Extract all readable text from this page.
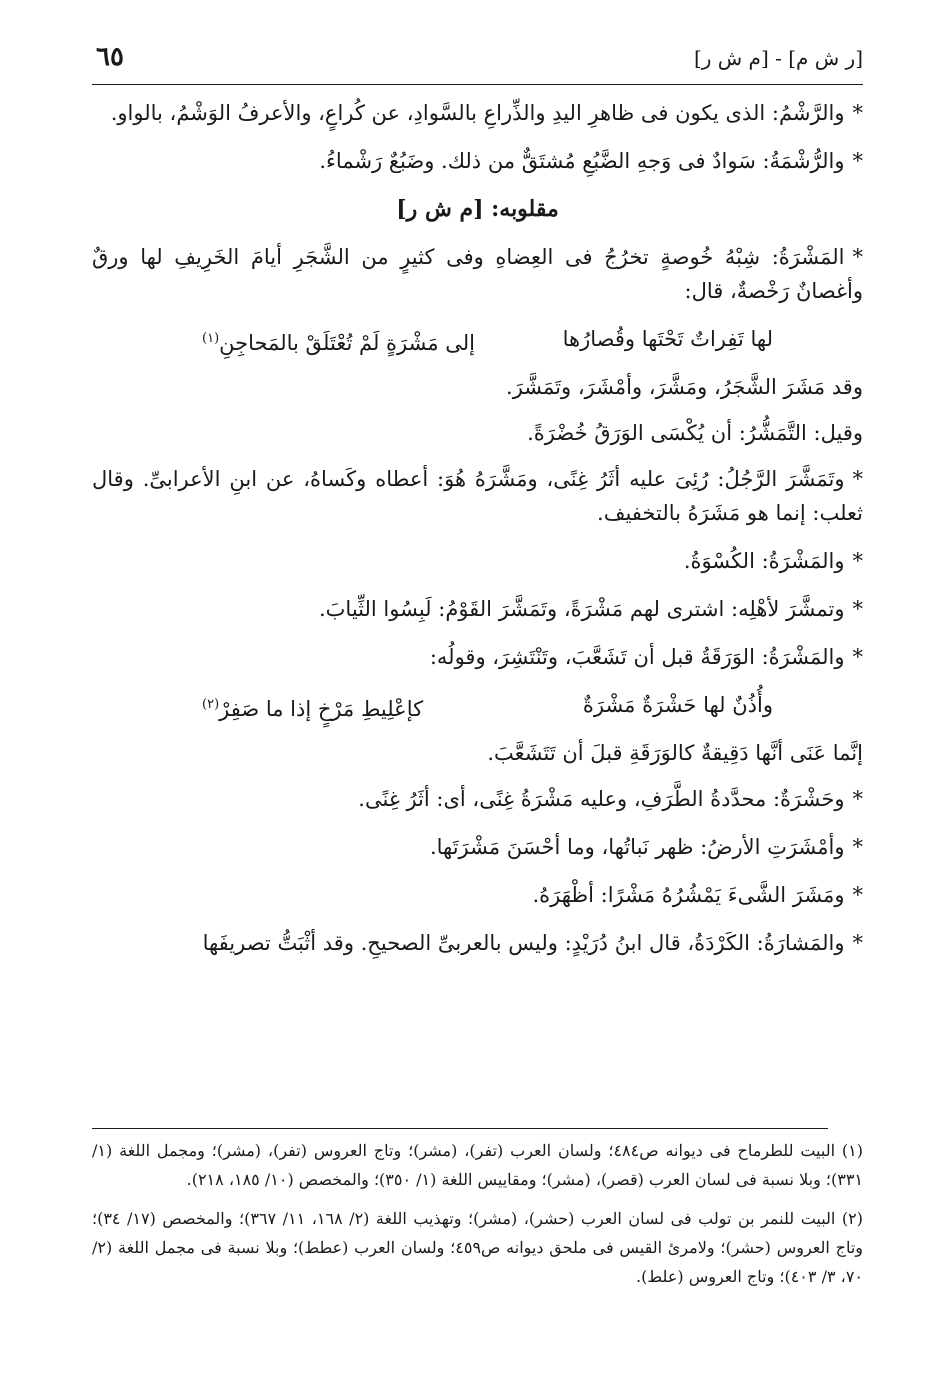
[ر ش م] - [م ش ر]
٦٥

*والرَّشْمُ: الذى يكون فى ظاهرِ اليدِ والذِّراعِ بالسَّوادِ، عن كُراعٍ، والأعرفُ الوَشْمُ، بالواو.

*والرُّشْمَةُ: سَوادٌ فى وَجهِ الضَّبُعِ مُشتَقٌّ من ذلك. وضَبُعٌ رَشْماءُ.

مقلوبه: [م ش ر]

*المَشْرَةُ: شِبْهُ خُوصةٍ تخرُجُ فى العِضاهِ وفى كثيرٍ من الشَّجَرِ أيامَ الخَرِيفِ لها ورقٌ وأغصانٌ رَخْصةٌ، قال:

لها تَفِراتٌ تَحْتَها وقُصارُها
إلى مَشْرَةٍ لَمْ تُعْتَلَقْ بالمَحاجِنِ$^{(١)}$

وقد مَشَرَ الشَّجَرُ، ومَشَّرَ، وأمْشَرَ، وتَمَشَّرَ.

وقيل: التَّمَشُّرُ: أن يُكْسَى الوَرَقُ خُضْرَةً.

*وتَمَشَّرَ الرَّجُلُ: رُئِىَ عليه أثَرُ غِنًى، ومَشَّرَهُ هُوَ: أعطاه وكَساهُ، عن ابنِ الأعرابىِّ. وقال ثعلب: إنما هو مَشَرَهُ بالتخفيف.

*والمَشْرَةُ: الكُسْوَةُ.

*وتمشَّرَ لأهْلِه: اشترى لهم مَشْرَةً، وتَمَشَّرَ القَوْمُ: لَبِسُوا الثِّيابَ.

*والمَشْرَةُ: الوَرَقَةُ قبل أن تَشَعَّبَ، وتَنْتَشِرَ، وقولُه:

وأُذُنٌ لها حَشْرَةٌ مَشْرَةٌ
كإعْلِيطِ مَرْخٍ إذا ما صَفِرْ$^{(٢)}$

إنَّما عَنَى أنَّها دَقِيقةٌ كالوَرَقَةِ قبلَ أن تَتَشَعَّبَ.

*وحَشْرَةٌ: محدَّدةُ الطَّرَفِ، وعليه مَشْرَةُ غِنًى، أى: أثَرُ غِنًى.

*وأمْشَرَتِ الأرضُ: ظهر نَباتُها، وما أحْسَنَ مَشْرَتَها.

*ومَشَرَ الشَّىءَ يَمْشُرُهُ مَشْرًا: أظْهَرَهُ.

*والمَشارَةُ: الكَرْدَةُ، قال ابنُ دُرَيْدٍ: وليس بالعربىِّ الصحيحِ. وقد أثْبَتُّ تصريفَها

(١) البيت للطرماح فى ديوانه ص٤٨٤؛ ولسان العرب (تفر)، (مشر)؛ وتاج العروس (تفر)، (مشر)؛ ومجمل اللغة (١/ ٣٣١)؛ وبلا نسبة فى لسان العرب (قصر)، (مشر)؛ ومقاييس اللغة (١/ ٣٥٠)؛ والمخصص (١٠/ ١٨٥، ٢١٨).

(٢) البيت للنمر بن تولب فى لسان العرب (حشر)، (مشر)؛ وتهذيب اللغة (٢/ ١٦٨، ١١/ ٣٦٧)؛ والمخصص (١٧/ ٣٤)؛ وتاج العروس (حشر)؛ ولامرئ القيس فى ملحق ديوانه ص٤٥٩؛ ولسان العرب (عطط)؛ وبلا نسبة فى مجمل اللغة (٢/ ٧٠، ٣/ ٤٠٣)؛ وتاج العروس (علط).
